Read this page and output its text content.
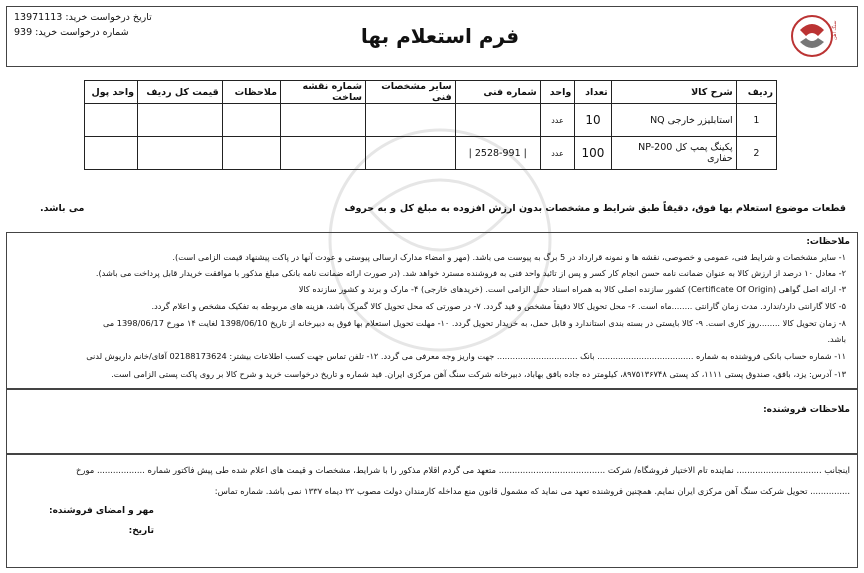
فرم استعلام بها
تاریخ درخواست خرید: 13971113
شماره درخواست خرید: 939	سنگ آهن
ردیف	شرح کالا	تعداد	واحد	شماره فنی	سایر مشخصات فنی	شماره نقشه ساخت	ملاحظات	قیمت کل ردیف	واحد پول
1	استابلیزر خارجی NQ	10	عدد						
2	پکینگ پمپ کل NP-200 حفاری	100	عدد	| 2528-991 |					
قطعات موضوع استعلام بها فوق، دقیقاً طبق شرایط و مشخصات بدون ارزش افزوده به مبلغ کل
و به حروف
می باشد.
ملاحظات:
۱- سایر مشخصات و شرایط فنی، عمومی و خصوصی، نقشه ها و نمونه قرارداد در 5 برگ به پیوست می باشد. (مهر و امضاء مدارک ارسالی پیوستی و عودت آنها در پاکت پیشنهاد قیمت الزامی است).
۲- معادل ۱۰ درصد از ارزش کالا به عنوان ضمانت نامه حسن انجام کار کسر و پس از تائید واحد فنی به فروشنده مسترد خواهد شد. (در صورت ارائه ضمانت نامه بانکی مبلغ مذکور با موافقت خریدار قابل پرداخت می باشد).
۳- ارائه اصل گواهی (Certificate Of Origin) کشور سازنده اصلی کالا به همراه اسناد حمل الزامی است. (خریدهای خارجی) ۴- مارک و برند و کشور سازنده کالا
۵- کالا گارانتی دارد/ندارد. مدت زمان گارانتی ........ماه است. ۶- محل تحویل کالا دقیقاً مشخص و قید گردد. ۷- در صورتی که محل تحویل کالا گمرک باشد، هزینه های مربوطه به تفکیک مشخص و اعلام گردد.
۸- زمان تحویل کالا ........روز کاری است. ۹- کالا بایستی در بسته بندی استاندارد و قابل حمل، به خریدار تحویل گردد. ۱۰- مهلت تحویل استعلام بها فوق به دبیرخانه از تاریخ 1398/06/10 لغایت ۱۴ مورخ 1398/06/17 می
باشد.
۱۱- شماره حساب بانکی فروشنده به شماره ..................................... بانک ............................... جهت واریز وجه معرفی می گردد. ۱۲- تلفن تماس جهت کسب اطلاعات بیشتر: 02188173624 آقای/خانم داریوش لدنی
۱۳- آدرس: یزد، بافق، صندوق پستی ۱۱۱۱، کد پستی ۸۹۷۵۱۳۶۷۴۸، کیلومتر ده جاده بافق بهاباد، دبیرخانه شرکت سنگ آهن مرکزی ایران. قید شماره و تاریخ درخواست خرید و شرح کالا بر روی پاکت پستی الزامی است.
ملاحظات فروشنده:
اینجانب ................................ نماینده تام الاختیار فروشگاه/ شرکت ........................................ متعهد می گردم اقلام مذکور را با شرایط، مشخصات و قیمت های اعلام شده طی پیش فاکتور شماره .................. مورخ
............... تحویل شرکت سنگ آهن مرکزی ایران نمایم. همچنین فروشنده تعهد می نماید که مشمول قانون منع مداخله کارمندان دولت مصوب ۲۲ دیماه ۱۳۳۷ نمی باشد. شماره تماس:
مهر و امضای فروشنده:
تاریخ:
